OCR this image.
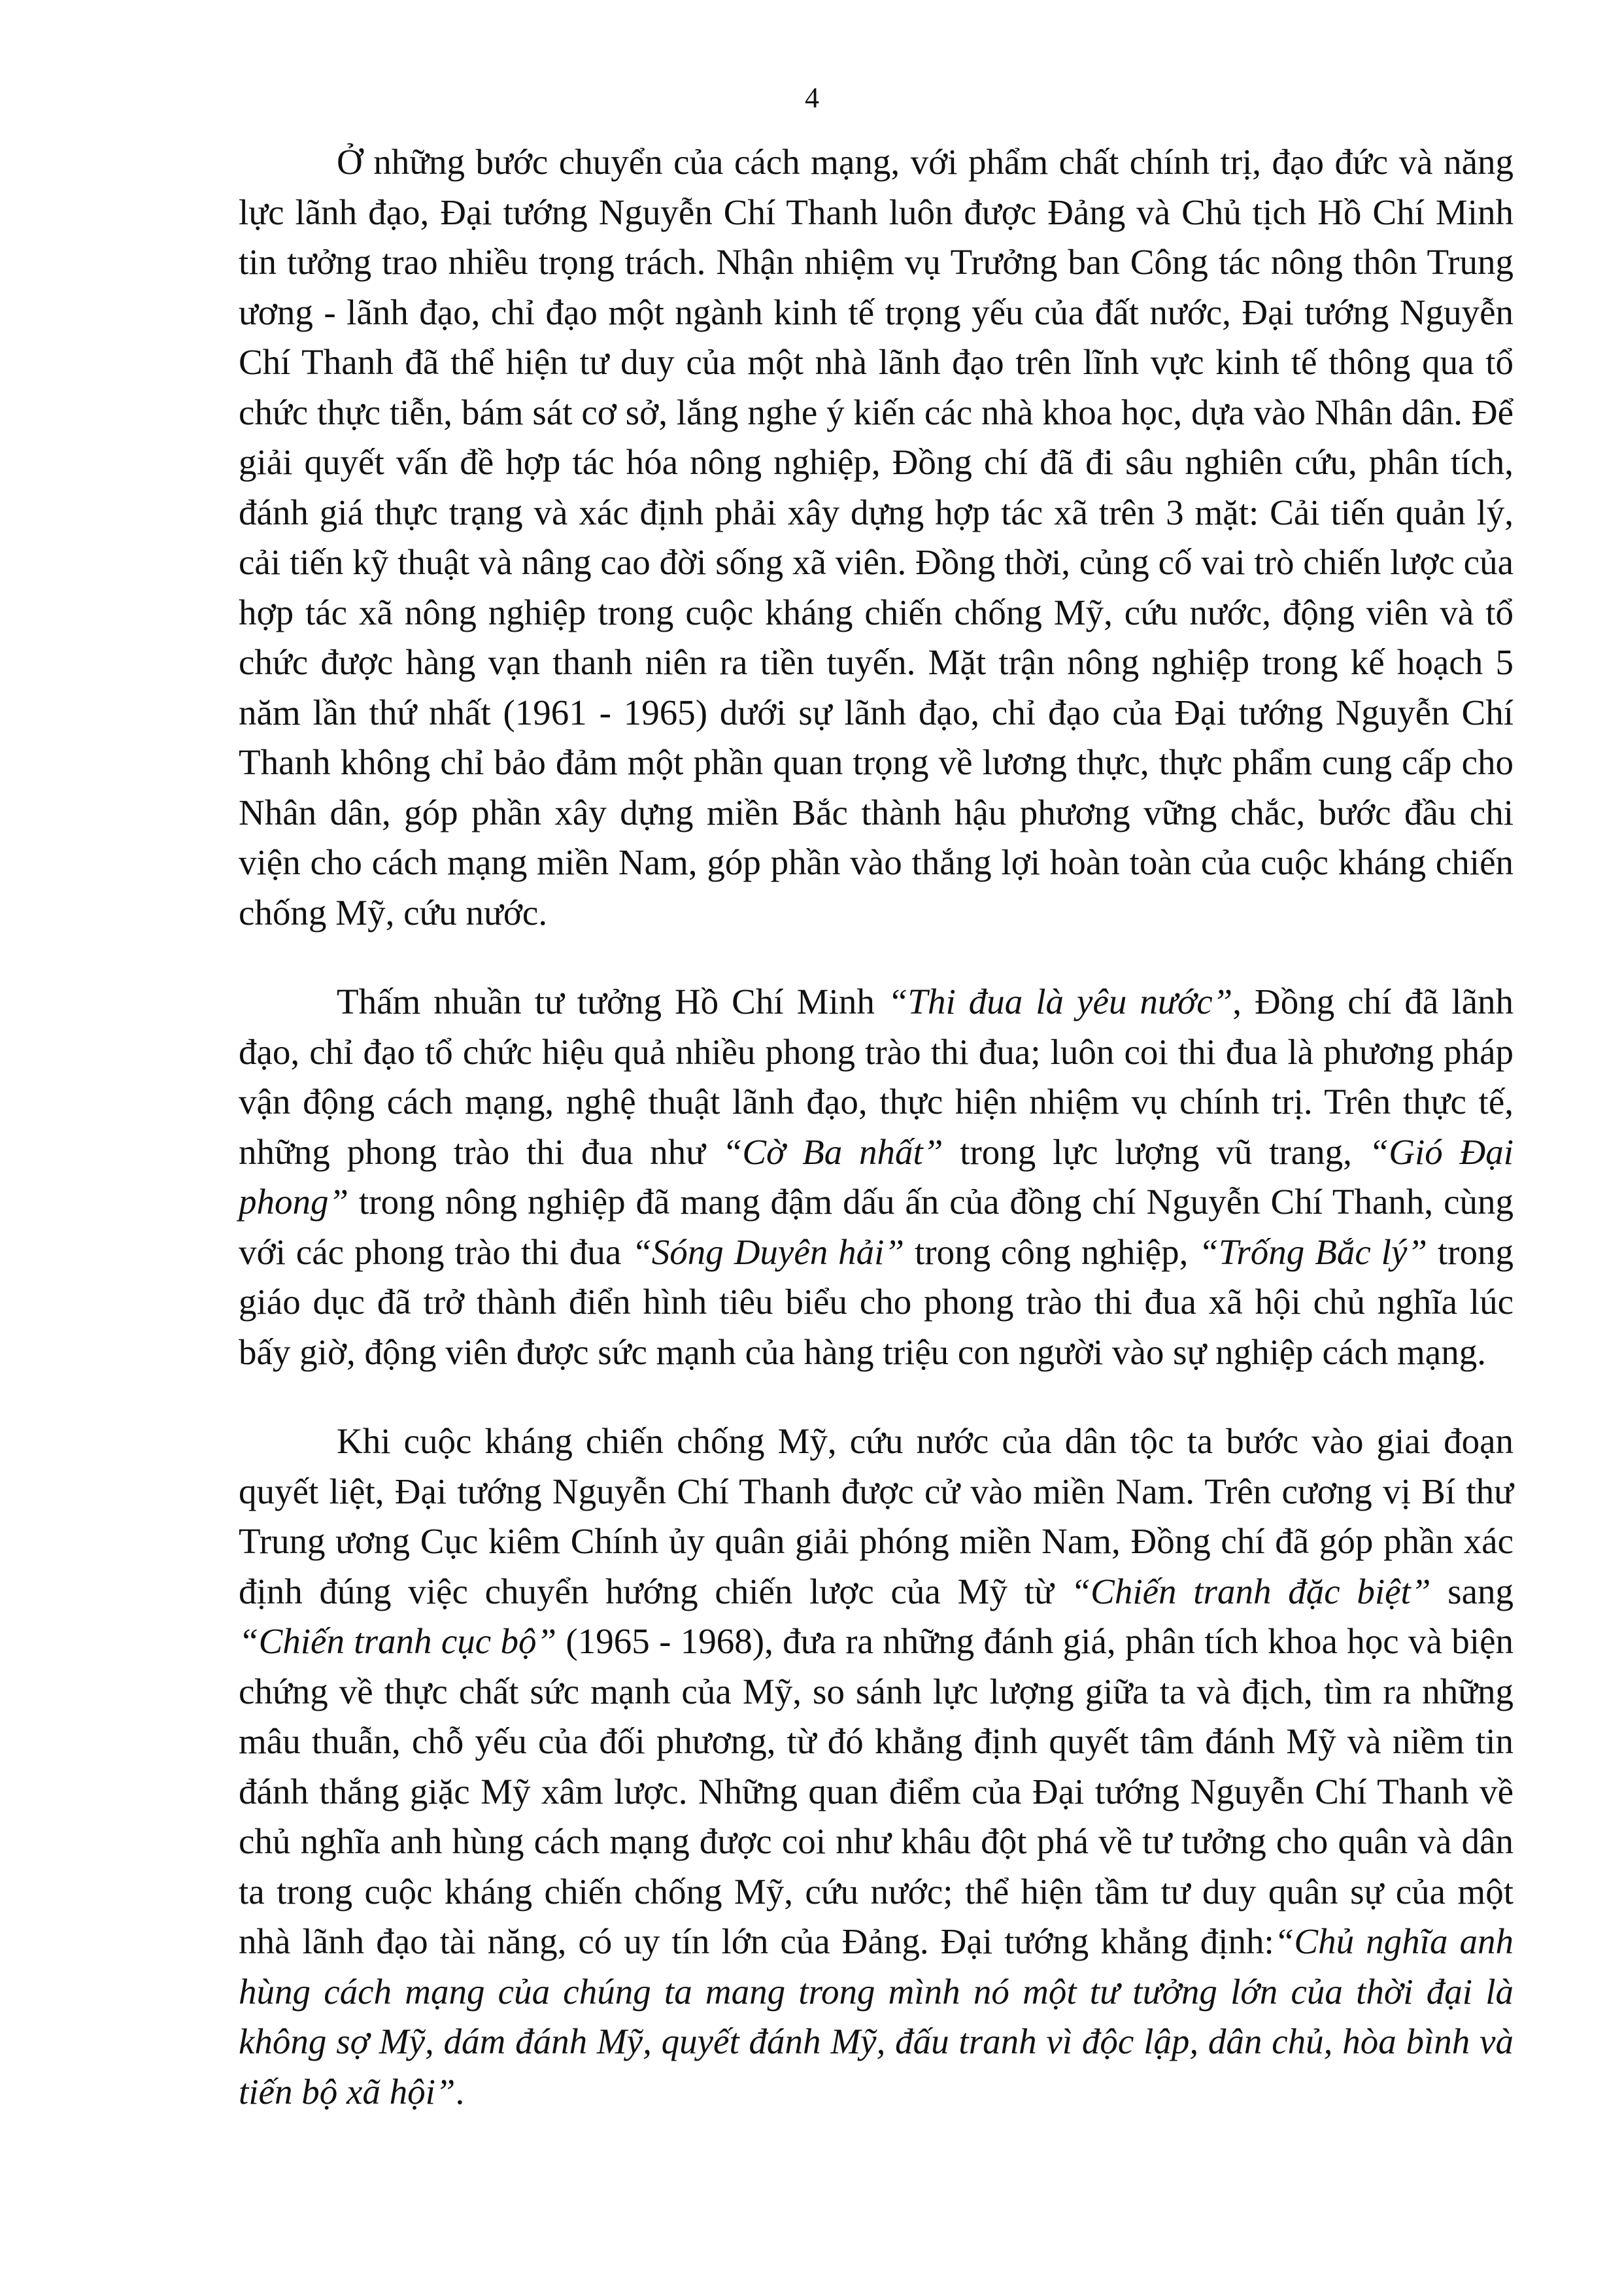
4

Ở những bước chuyển của cách mạng, với phẩm chất chính trị, đạo đức và năng lực lãnh đạo, Đại tướng Nguyễn Chí Thanh luôn được Đảng và Chủ tịch Hồ Chí Minh tin tưởng trao nhiều trọng trách. Nhận nhiệm vụ Trưởng ban Công tác nông thôn Trung ương - lãnh đạo, chỉ đạo một ngành kinh tế trọng yếu của đất nước, Đại tướng Nguyễn Chí Thanh đã thể hiện tư duy của một nhà lãnh đạo trên lĩnh vực kinh tế thông qua tổ chức thực tiễn, bám sát cơ sở, lắng nghe ý kiến các nhà khoa học, dựa vào Nhân dân. Để giải quyết vấn đề hợp tác hóa nông nghiệp, Đồng chí đã đi sâu nghiên cứu, phân tích, đánh giá thực trạng và xác định phải xây dựng hợp tác xã trên 3 mặt: Cải tiến quản lý, cải tiến kỹ thuật và nâng cao đời sống xã viên. Đồng thời, củng cố vai trò chiến lược của hợp tác xã nông nghiệp trong cuộc kháng chiến chống Mỹ, cứu nước, động viên và tổ chức được hàng vạn thanh niên ra tiền tuyến. Mặt trận nông nghiệp trong kế hoạch 5 năm lần thứ nhất (1961 - 1965) dưới sự lãnh đạo, chỉ đạo của Đại tướng Nguyễn Chí Thanh không chỉ bảo đảm một phần quan trọng về lương thực, thực phẩm cung cấp cho Nhân dân, góp phần xây dựng miền Bắc thành hậu phương vững chắc, bước đầu chi viện cho cách mạng miền Nam, góp phần vào thắng lợi hoàn toàn của cuộc kháng chiến chống Mỹ, cứu nước.

Thấm nhuần tư tưởng Hồ Chí Minh “Thi đua là yêu nước”, Đồng chí đã lãnh đạo, chỉ đạo tổ chức hiệu quả nhiều phong trào thi đua; luôn coi thi đua là phương pháp vận động cách mạng, nghệ thuật lãnh đạo, thực hiện nhiệm vụ chính trị. Trên thực tế, những phong trào thi đua như “Cờ Ba nhất” trong lực lượng vũ trang, “Gió Đại phong” trong nông nghiệp đã mang đậm dấu ấn của đồng chí Nguyễn Chí Thanh, cùng với các phong trào thi đua “Sóng Duyên hải” trong công nghiệp, “Trống Bắc lý” trong giáo dục đã trở thành điển hình tiêu biểu cho phong trào thi đua xã hội chủ nghĩa lúc bấy giờ, động viên được sức mạnh của hàng triệu con người vào sự nghiệp cách mạng.

Khi cuộc kháng chiến chống Mỹ, cứu nước của dân tộc ta bước vào giai đoạn quyết liệt, Đại tướng Nguyễn Chí Thanh được cử vào miền Nam. Trên cương vị Bí thư Trung ương Cục kiêm Chính ủy quân giải phóng miền Nam, Đồng chí đã góp phần xác định đúng việc chuyển hướng chiến lược của Mỹ từ “Chiến tranh đặc biệt” sang “Chiến tranh cục bộ” (1965 - 1968), đưa ra những đánh giá, phân tích khoa học và biện chứng về thực chất sức mạnh của Mỹ, so sánh lực lượng giữa ta và địch, tìm ra những mâu thuẫn, chỗ yếu của đối phương, từ đó khẳng định quyết tâm đánh Mỹ và niềm tin đánh thắng giặc Mỹ xâm lược. Những quan điểm của Đại tướng Nguyễn Chí Thanh về chủ nghĩa anh hùng cách mạng được coi như khâu đột phá về tư tưởng cho quân và dân ta trong cuộc kháng chiến chống Mỹ, cứu nước; thể hiện tầm tư duy quân sự của một nhà lãnh đạo tài năng, có uy tín lớn của Đảng. Đại tướng khẳng định:“Chủ nghĩa anh hùng cách mạng của chúng ta mang trong mình nó một tư tưởng lớn của thời đại là không sợ Mỹ, dám đánh Mỹ, quyết đánh Mỹ, đấu tranh vì độc lập, dân chủ, hòa bình và tiến bộ xã hội”.
